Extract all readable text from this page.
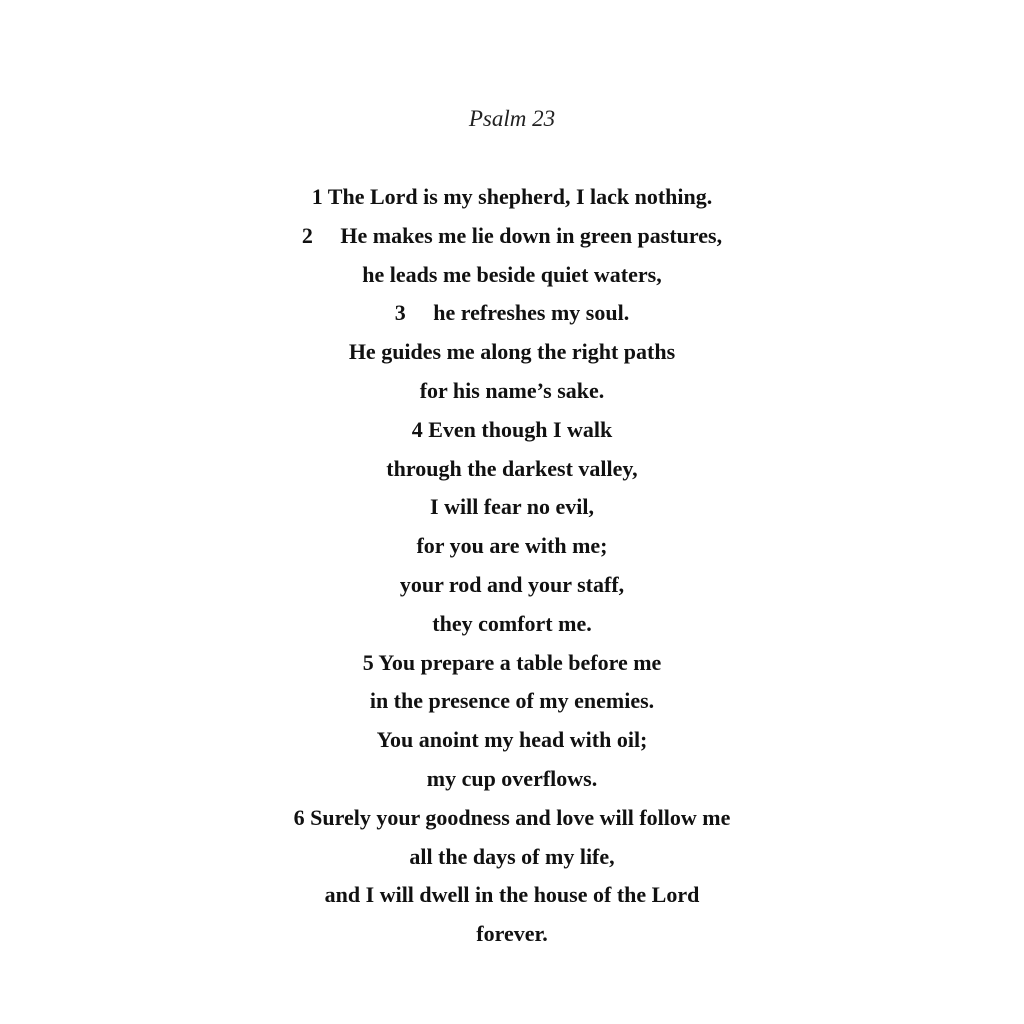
Psalm 23
1 The Lord is my shepherd, I lack nothing.
2     He makes me lie down in green pastures,
he leads me beside quiet waters,
3     he refreshes my soul.
He guides me along the right paths
for his name’s sake.
4 Even though I walk
through the darkest valley,
I will fear no evil,
for you are with me;
your rod and your staff,
they comfort me.
5 You prepare a table before me
in the presence of my enemies.
You anoint my head with oil;
my cup overflows.
6 Surely your goodness and love will follow me
all the days of my life,
and I will dwell in the house of the Lord
forever.
